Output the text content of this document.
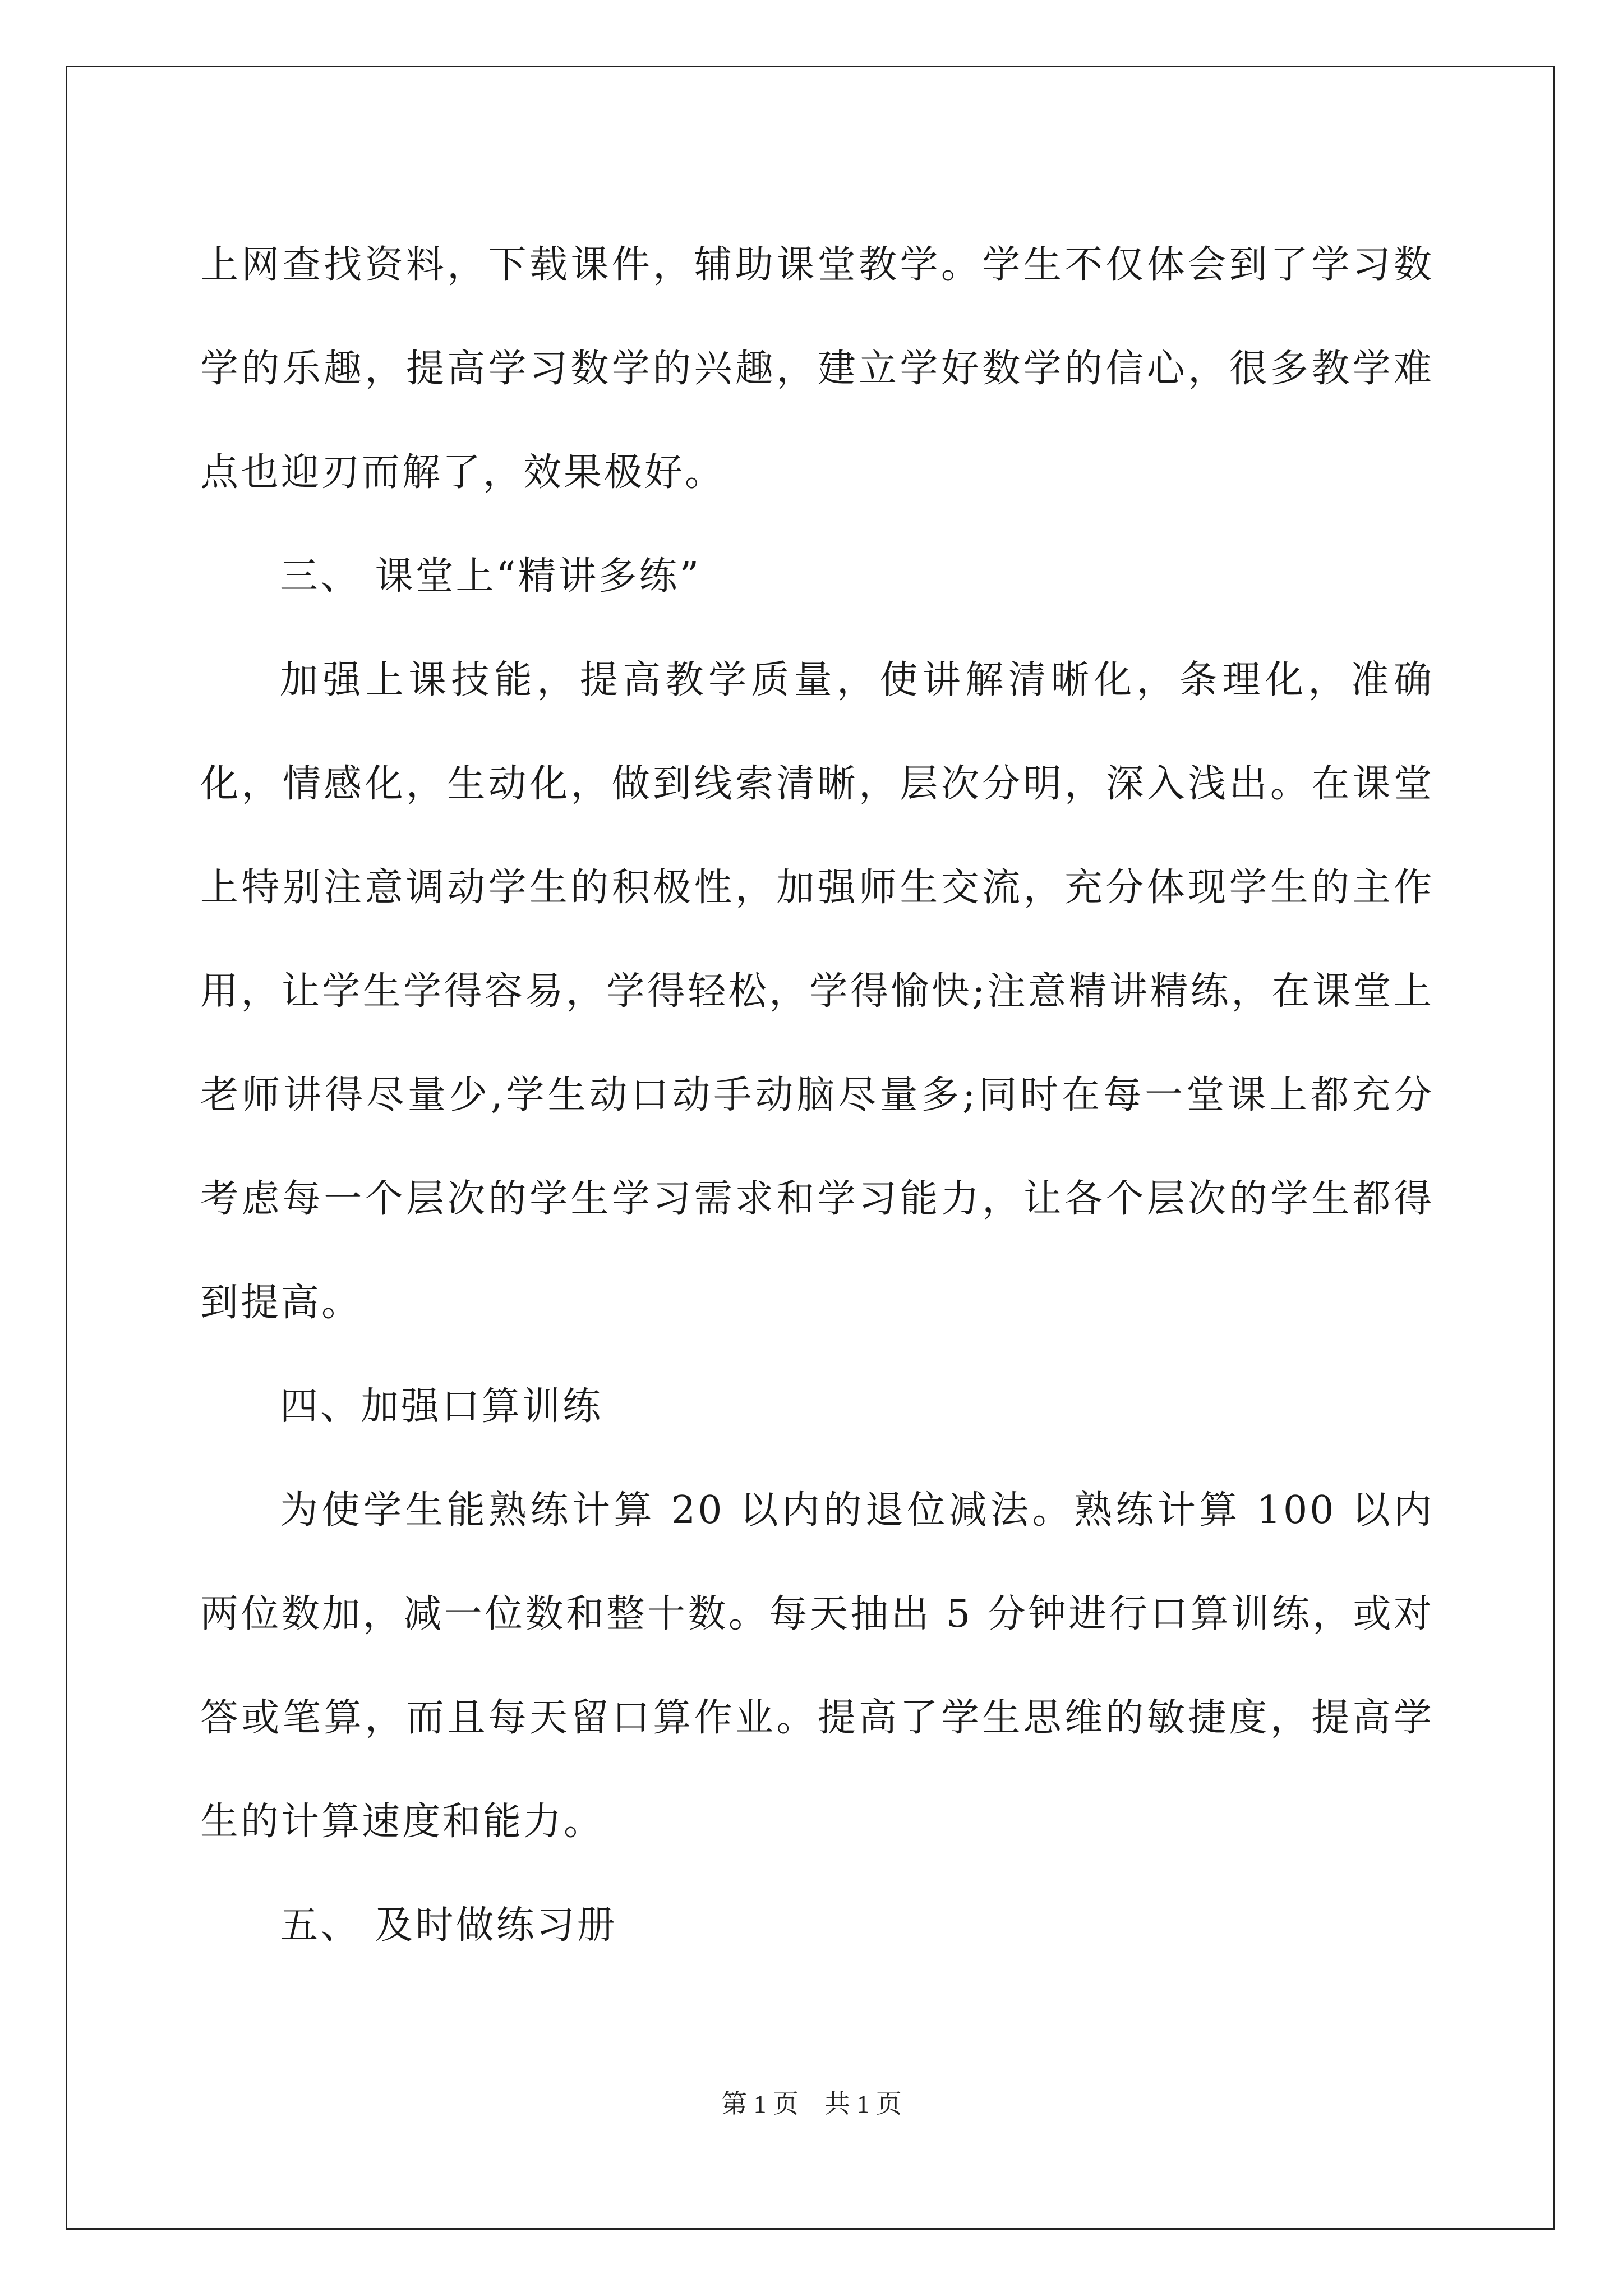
上网查找资料，下载课件，辅助课堂教学。学生不仅体会到了学习数学的乐趣，提高学习数学的兴趣，建立学好数学的信心，很多教学难点也迎刃而解了，效果极好。

三、 课堂上“精讲多练”

加强上课技能，提高教学质量，使讲解清晰化，条理化，准确化，情感化，生动化，做到线索清晰，层次分明，深入浅出。在课堂上特别注意调动学生的积极性，加强师生交流，充分体现学生的主作用，让学生学得容易，学得轻松，学得愉快;注意精讲精练，在课堂上老师讲得尽量少,学生动口动手动脑尽量多;同时在每一堂课上都充分考虑每一个层次的学生学习需求和学习能力，让各个层次的学生都得到提高。

四、加强口算训练

为使学生能熟练计算 20 以内的退位减法。熟练计算 100 以内两位数加，减一位数和整十数。每天抽出 5 分钟进行口算训练，或对答或笔算，而且每天留口算作业。提高了学生思维的敏捷度，提高学生的计算速度和能力。

五、 及时做练习册

第 1 页　共 1 页
